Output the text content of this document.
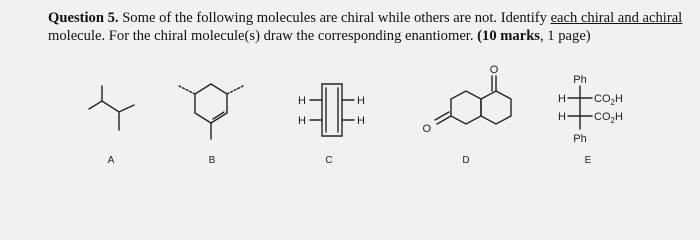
Question 5. Some of the following molecules are chiral while others are not. Identify each chiral and achiral molecule. For the chiral molecule(s) draw the corresponding enantiomer. (10 marks, 1 page)
A	B
H
H
H
H
C
O
O
D
Ph
Ph
H
H
$CO_2H$
$CO_2H$
E
